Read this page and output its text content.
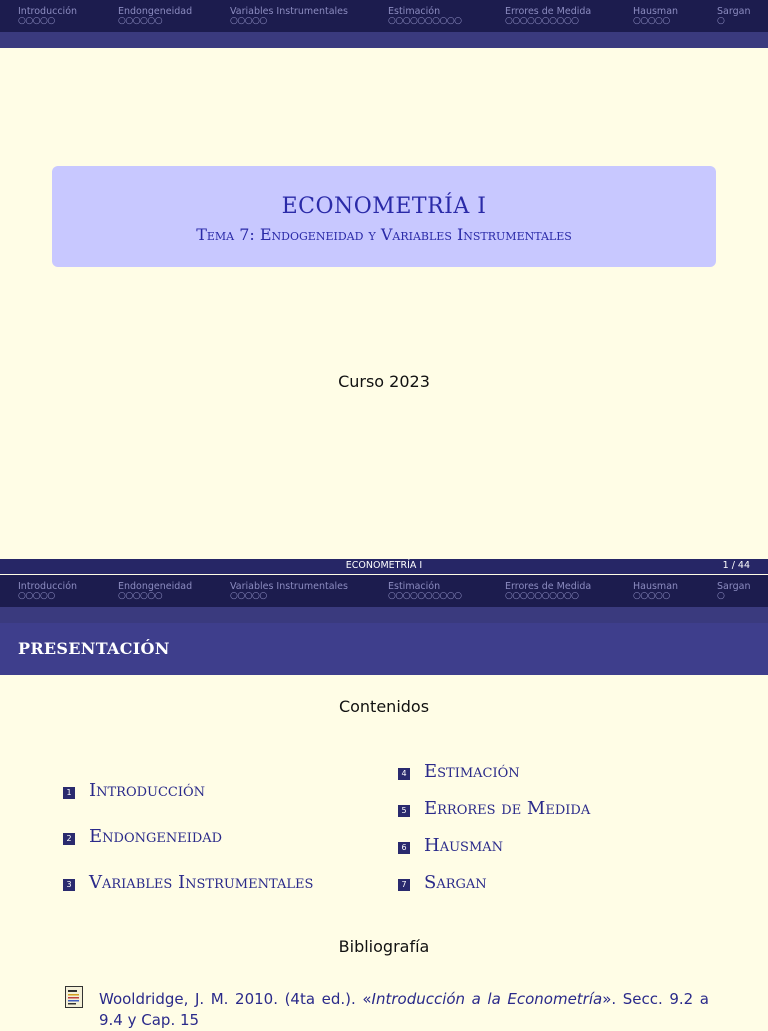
Introducción
○○○○○
Endongeneidad
○○○○○○
Variables Instrumentales
○○○○○
Estimación
○○○○○○○○○○
Errores de Medida
○○○○○○○○○○
Hausman
○○○○○
Sargan
○
ECONOMETRÍA I
Tema 7: Endogeneidad y Variables Instrumentales
Curso 2023
ECONOMETRÍA I	1 / 44
Introducción
○○○○○
Endongeneidad
○○○○○○
Variables Instrumentales
○○○○○
Estimación
○○○○○○○○○○
Errores de Medida
○○○○○○○○○○
Hausman
○○○○○
Sargan
○
PRESENTACIÓN
Contenidos
1 Introducción
2 Endongeneidad
3 Variables Instrumentales
4 Estimación
5 Errores de Medida
6 Hausman
7 Sargan
Bibliografía
Wooldridge, J. M. 2010. (4ta ed.). «Introducción a la Econometría». Secc. 9.2 a 9.4 y Cap. 15
